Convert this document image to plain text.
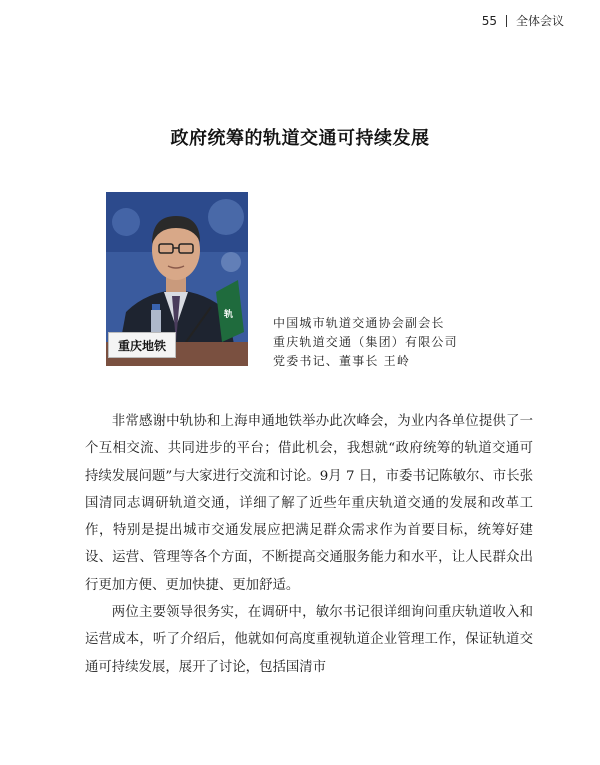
55 全体会议
政府统筹的轨道交通可持续发展
轨
重庆地铁
中国城市轨道交通协会副会长
重庆轨道交通（集团）有限公司
党委书记、董事长 王岭

非常感谢中轨协和上海申通地铁举办此次峰会，为业内各单位提供了一个互相交流、共同进步的平台；借此机会，我想就“政府统筹的轨道交通可持续发展问题”与大家进行交流和讨论。9月 7 日，市委书记陈敏尔、市长张国清同志调研轨道交通，详细了解了近些年重庆轨道交通的发展和改革工作，特别是提出城市交通发展应把满足群众需求作为首要目标，统筹好建设、运营、管理等各个方面，不断提高交通服务能力和水平，让人民群众出行更加方便、更加快捷、更加舒适。

两位主要领导很务实，在调研中，敏尔书记很详细询问重庆轨道收入和运营成本，听了介绍后，他就如何高度重视轨道企业管理工作，保证轨道交通可持续发展，展开了讨论，包括国清市
